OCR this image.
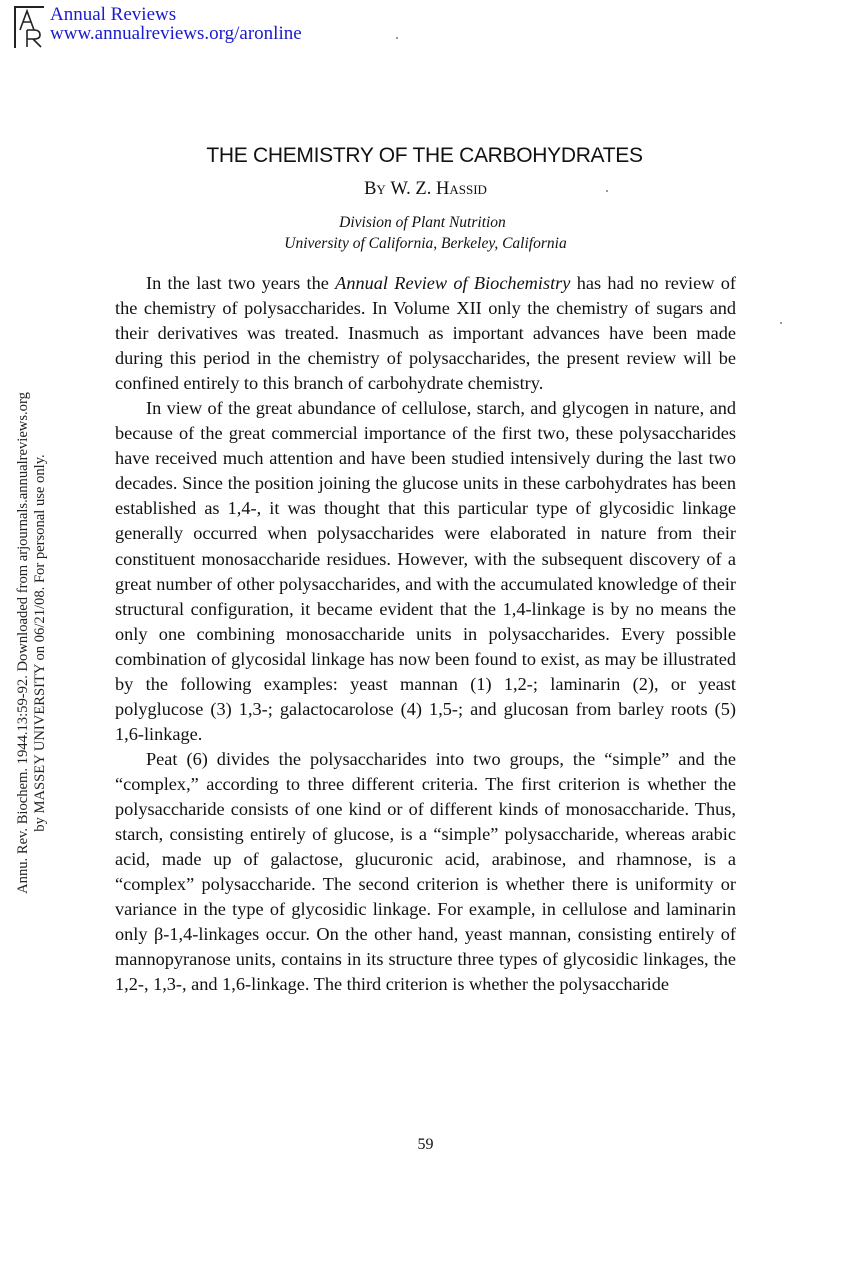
Annual Reviews
www.annualreviews.org/aronline
Annu. Rev. Biochem. 1944.13:59-92. Downloaded from arjournals.annualreviews.org by MASSEY UNIVERSITY on 06/21/08. For personal use only.
THE CHEMISTRY OF THE CARBOHYDRATES
By W. Z. Hassid
Division of Plant Nutrition
University of California, Berkeley, California

In the last two years the Annual Review of Biochemistry has had no review of the chemistry of polysaccharides. In Volume XII only the chemistry of sugars and their derivatives was treated. Inasmuch as important advances have been made during this period in the chemistry of polysaccharides, the present review will be confined entirely to this branch of carbohydrate chemistry.

In view of the great abundance of cellulose, starch, and glycogen in nature, and because of the great commercial importance of the first two, these polysaccharides have received much attention and have been studied intensively during the last two decades. Since the position joining the glucose units in these carbohydrates has been established as 1,4-, it was thought that this particular type of glycosidic linkage generally occurred when polysaccharides were elaborated in nature from their constituent monosaccharide residues. However, with the subsequent discovery of a great number of other polysaccharides, and with the accumulated knowledge of their structural configuration, it became evident that the 1,4-linkage is by no means the only one combining monosaccharide units in polysaccharides. Every possible combination of glycosidal linkage has now been found to exist, as may be illustrated by the following examples: yeast mannan (1) 1,2-; laminarin (2), or yeast polyglucose (3) 1,3-; galactocarolose (4) 1,5-; and glucosan from barley roots (5) 1,6-linkage.

Peat (6) divides the polysaccharides into two groups, the “simple” and the “complex,” according to three different criteria. The first criterion is whether the polysaccharide consists of one kind or of different kinds of monosaccharide. Thus, starch, consisting entirely of glucose, is a “simple” polysaccharide, whereas arabic acid, made up of galactose, glucuronic acid, arabinose, and rhamnose, is a “complex” polysaccharide. The second criterion is whether there is uniformity or variance in the type of glycosidic linkage. For example, in cellulose and laminarin only β-1,4-linkages occur. On the other hand, yeast mannan, consisting entirely of mannopyranose units, contains in its structure three types of glycosidic linkages, the 1,2-, 1,3-, and 1,6-linkage. The third criterion is whether the polysaccharide

59
